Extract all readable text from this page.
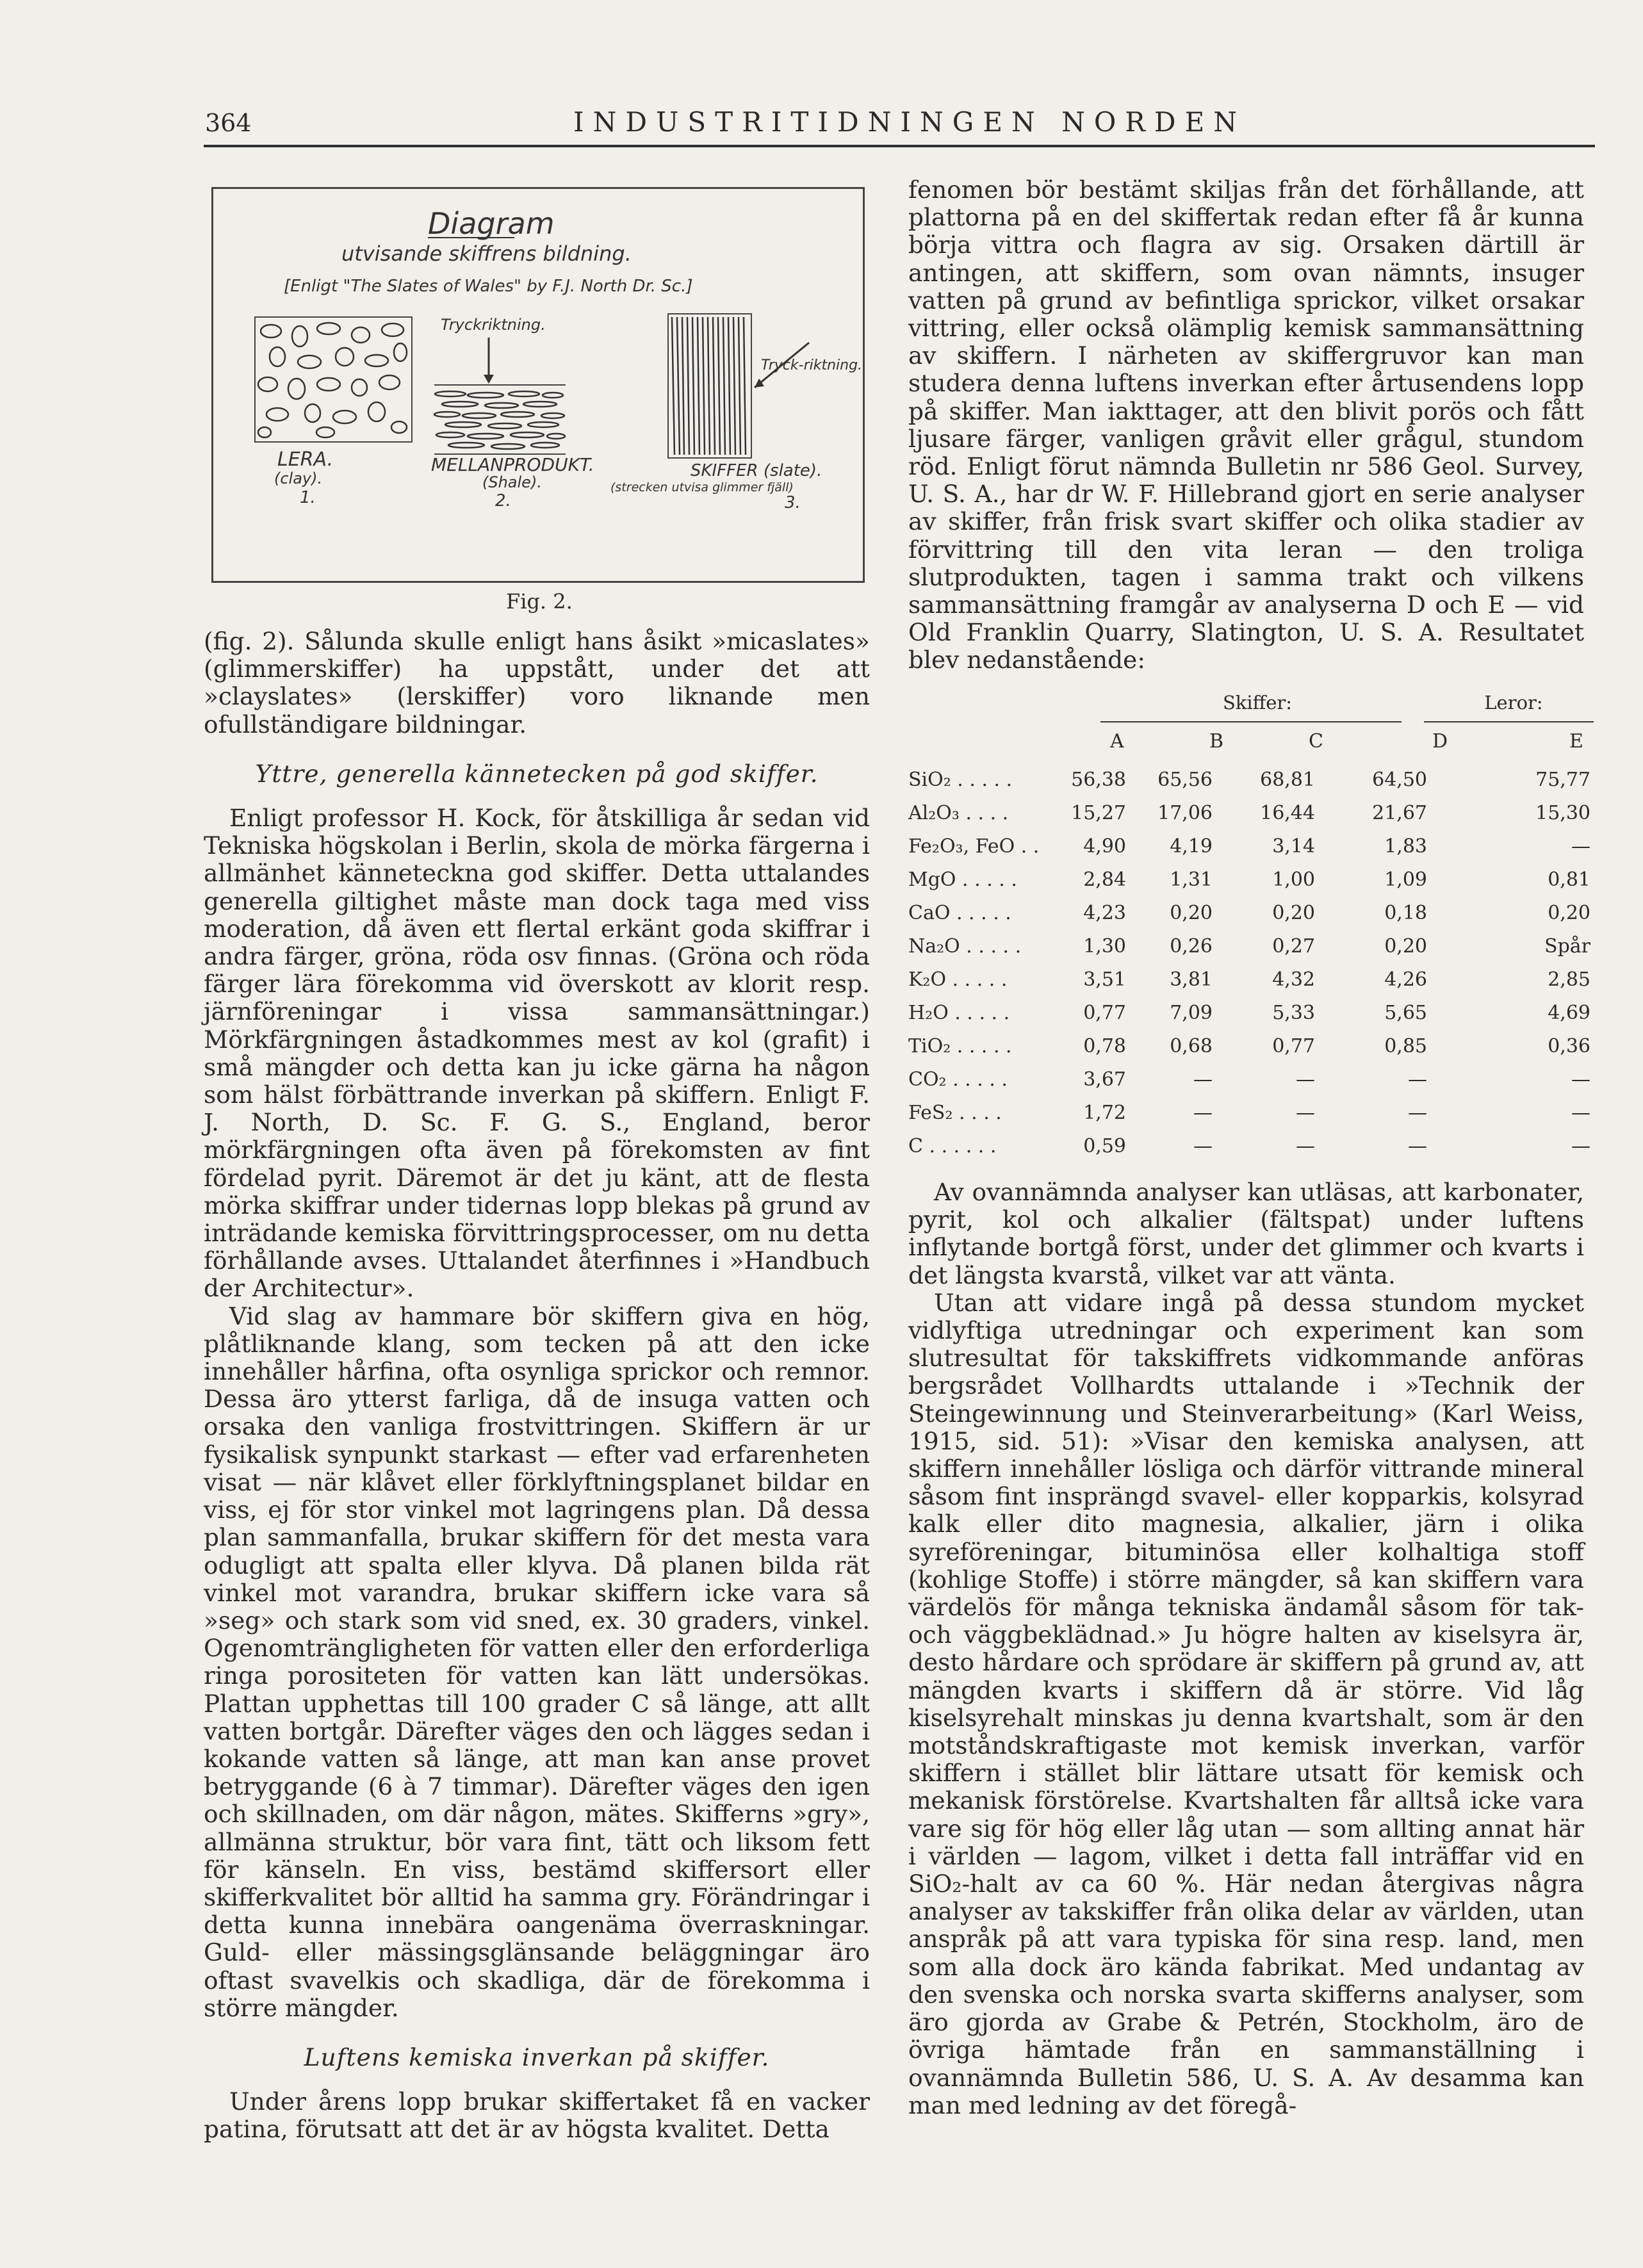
364	INDUSTRITIDNINGEN NORDEN
Diagram
utvisande skiffrens bildning.
[Enligt "The Slates of Wales" by F.J. North Dr. Sc.]
LERA.
(clay).
1.
Tryckriktning.
MELLANPRODUKT.
(Shale).
2.
Tryck-riktning.
SKIFFER (slate).
(strecken utvisa glimmer fjäll)
3.
Fig. 2.

(fig. 2). Sålunda skulle enligt hans åsikt »micaslates» (glimmerskiffer) ha uppstått, under det att »clayslates» (lerskiffer) voro liknande men ofullständigare bildningar.

Yttre, generella kännetecken på god skiffer.

Enligt professor H. Kock, för åtskilliga år sedan vid Tekniska högskolan i Berlin, skola de mörka färgerna i allmänhet känneteckna god skiffer. Detta uttalandes generella giltighet måste man dock taga med viss moderation, då även ett flertal erkänt goda skiffrar i andra färger, gröna, röda osv finnas. (Gröna och röda färger lära förekomma vid överskott av klorit resp. järnföreningar i vissa sammansättningar.) Mörkfärgningen åstadkommes mest av kol (grafit) i små mängder och detta kan ju icke gärna ha någon som hälst förbättrande inverkan på skiffern. Enligt F. J. North, D. Sc. F. G. S., England, beror mörkfärgningen ofta även på förekomsten av fint fördelad pyrit. Däremot är det ju känt, att de flesta mörka skiffrar under tidernas lopp blekas på grund av inträdande kemiska förvittringsprocesser, om nu detta förhållande avses. Uttalandet återfinnes i »Handbuch der Architectur».

Vid slag av hammare bör skiffern giva en hög, plåtliknande klang, som tecken på att den icke innehåller hårfina, ofta osynliga sprickor och remnor. Dessa äro ytterst farliga, då de insuga vatten och orsaka den vanliga frostvittringen. Skiffern är ur fysikalisk synpunkt starkast — efter vad erfarenheten visat — när klåvet eller förklyftningsplanet bildar en viss, ej för stor vinkel mot lagringens plan. Då dessa plan sammanfalla, brukar skiffern för det mesta vara odugligt att spalta eller klyva. Då planen bilda rät vinkel mot varandra, brukar skiffern icke vara så »seg» och stark som vid sned, ex. 30 graders, vinkel. Ogenomträngligheten för vatten eller den erforderliga ringa porositeten för vatten kan lätt undersökas. Plattan upphettas till 100 grader C så länge, att allt vatten bortgår. Därefter väges den och lägges sedan i kokande vatten så länge, att man kan anse provet betryggande (6 à 7 timmar). Därefter väges den igen och skillnaden, om där någon, mätes. Skifferns »gry», allmänna struktur, bör vara fint, tätt och liksom fett för känseln. En viss, bestämd skiffersort eller skifferkvalitet bör alltid ha samma gry. Förändringar i detta kunna innebära oangenäma överraskningar. Guld- eller mässingsglänsande beläggningar äro oftast svavelkis och skadliga, där de förekomma i större mängder.

Luftens kemiska inverkan på skiffer.

Under årens lopp brukar skiffertaket få en vacker patina, förutsatt att det är av högsta kvalitet. Detta

fenomen bör bestämt skiljas från det förhållande, att plattorna på en del skiffertak redan efter få år kunna börja vittra och flagra av sig. Orsaken därtill är antingen, att skiffern, som ovan nämnts, insuger vatten på grund av befintliga sprickor, vilket orsakar vittring, eller också olämplig kemisk sammansättning av skiffern. I närheten av skiffergruvor kan man studera denna luftens inverkan efter årtusendens lopp på skiffer. Man iakttager, att den blivit porös och fått ljusare färger, vanligen gråvit eller grågul, stundom röd. Enligt förut nämnda Bulletin nr 586 Geol. Survey, U. S. A., har dr W. F. Hillebrand gjort en serie analyser av skiffer, från frisk svart skiffer och olika stadier av förvittring till den vita leran — den troliga slutprodukten, tagen i samma trakt och vilkens sammansättning framgår av analyserna D och E — vid Old Franklin Quarry, Slatington, U. S. A. Resultatet blev nedanstående:

Skiffer:	Leror:
A	B	C	D	E
SiO₂ . . . . .	56,38	65,56	68,81	64,50	75,77
Al₂O₃ . . . .	15,27	17,06	16,44	21,67	15,30
Fe₂O₃, FeO . .	4,90	4,19	3,14	1,83	—
MgO . . . . .	2,84	1,31	1,00	1,09	0,81
CaO . . . . .	4,23	0,20	0,20	0,18	0,20
Na₂O . . . . .	1,30	0,26	0,27	0,20	Spår
K₂O . . . . .	3,51	3,81	4,32	4,26	2,85
H₂O . . . . .	0,77	7,09	5,33	5,65	4,69
TiO₂ . . . . .	0,78	0,68	0,77	0,85	0,36
CO₂ . . . . .	3,67	—	—	—	—
FeS₂ . . . .	1,72	—	—	—	—
C . . . . . .	0,59	—	—	—	—

Av ovannämnda analyser kan utläsas, att karbonater, pyrit, kol och alkalier (fältspat) under luftens inflytande bortgå först, under det glimmer och kvarts i det längsta kvarstå, vilket var att vänta.

Utan att vidare ingå på dessa stundom mycket vidlyftiga utredningar och experiment kan som slutresultat för takskiffrets vidkommande anföras bergsrådet Vollhardts uttalande i »Technik der Steingewinnung und Steinverarbeitung» (Karl Weiss, 1915, sid. 51): »Visar den kemiska analysen, att skiffern innehåller lösliga och därför vittrande mineral såsom fint insprängd svavel- eller kopparkis, kolsyrad kalk eller dito magnesia, alkalier, järn i olika syreföreningar, bituminösa eller kolhaltiga stoff (kohlige Stoffe) i större mängder, så kan skiffern vara värdelös för många tekniska ändamål såsom för tak- och väggbeklädnad.» Ju högre halten av kiselsyra är, desto hårdare och sprödare är skiffern på grund av, att mängden kvarts i skiffern då är större. Vid låg kiselsyrehalt minskas ju denna kvartshalt, som är den motståndskraftigaste mot kemisk inverkan, varför skiffern i stället blir lättare utsatt för kemisk och mekanisk förstörelse. Kvartshalten får alltså icke vara vare sig för hög eller låg utan — som allting annat här i världen — lagom, vilket i detta fall inträffar vid en SiO₂-halt av ca 60 %. Här nedan återgivas några analyser av takskiffer från olika delar av världen, utan anspråk på att vara typiska för sina resp. land, men som alla dock äro kända fabrikat. Med undantag av den svenska och norska svarta skifferns analyser, som äro gjorda av Grabe & Petrén, Stockholm, äro de övriga hämtade från en sammanställning i ovannämnda Bulletin 586, U. S. A. Av desamma kan man med ledning av det föregå-
